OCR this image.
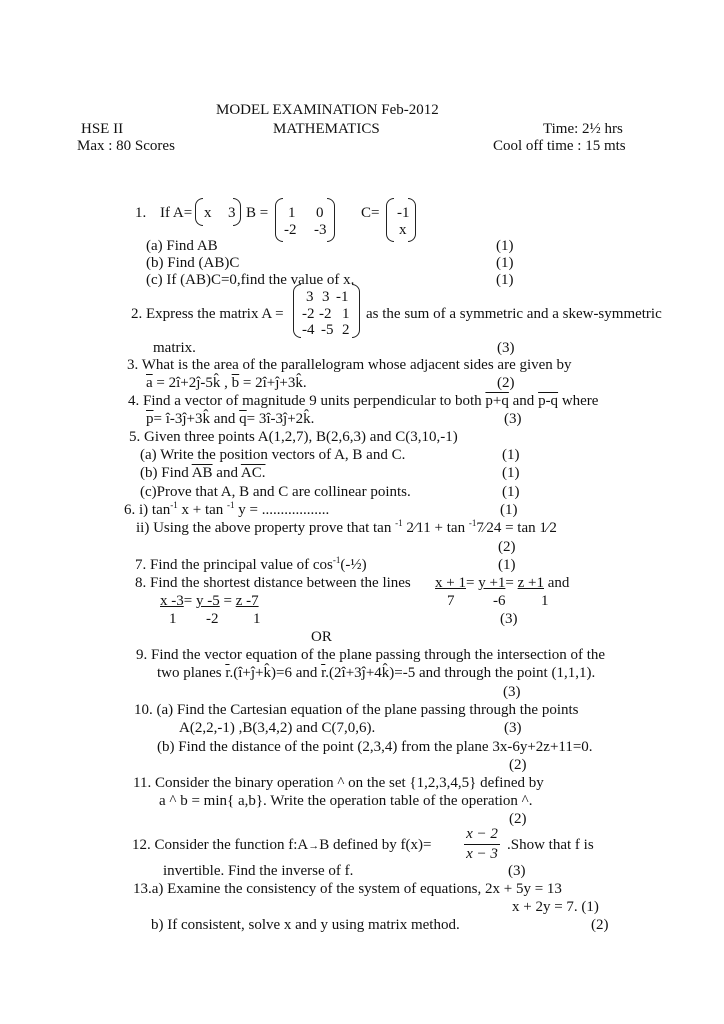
MODEL EXAMINATION Feb-2012
HSE II	MATHEMATICS	Time: 2½ hrs
Max : 80 Scores	Cool off time : 15 mts
1. If A= x 3 B = 1 0
-2 -3
C= -1
x
(a) Find AB	(1)
(b) Find (AB)C	(1)
(c) If (AB)C=0,find the value of x.	(1)
2. Express the matrix A =
3 3 -1
-2 -2 1
-4 -5 2
as the sum of a symmetric and a skew-symmetric
matrix.	(3)
3. What is the area of the parallelogram whose adjacent sides are given by
$\overline{a}$ = 2î+2ĵ-5k̂ , $\overline{b}$ = 2î+ĵ+3k̂.	(2)
4. Find a vector of magnitude 9 units perpendicular to both p+q and p-q where
$\overline{p}=$ î-3ĵ+3k̂ and $\overline{q}=$ 3î-3ĵ+2k̂.	(3)
5. Given three points A(1,2,7), B(2,6,3) and C(3,10,-1)
(a) Write the position vectors of A, B and C.	(1)
(b) Find $\overline{AB}$ and AC.	(1)
(c)Prove that A, B and C are collinear points.	(1)
6. i) $\tan^{-1} x + \tan ^{-1}$ y = ..................	(1)
ii) Using the above property prove that tan $^{-1}$ 2⁄11 + tan $^{-1}$7⁄24 = tan 1⁄2
(2)
7. Find the principal value of $\cos^{-1}(-\frac{1}{2})$	(1)
8. Find the shortest distance between the lines x + 1= y +1= z +1 and
7	-6 1
x -3= y -5 = z -7
1 -2 1	(3)
OR
9. Find the vector equation of the plane passing through the intersection of the
two planes $\overline{r}.(î+ĵ+k̂)=6$ and $\overline{r}.(2î+3ĵ+4k̂)=-5$ and through the point (1,1,1).
(3)
10. (a) Find the Cartesian equation of the plane passing through the points
A(2,2,-1) ,B(3,4,2) and C(7,0,6).	(3)
(b) Find the distance of the point (2,3,4) from the plane 3x-6y+2z+11=0.
(2)
11. Consider the binary operation ^ on the set {1,2,3,4,5} defined by
a ^ b = min{ a,b}. Write the operation table of the operation ^.
(2)
12. Consider the function f:A→B defined by f(x)=
x − 2
x − 3
.Show that f is
invertible. Find the inverse of f.	(3)
13.a) Examine the consistency of the system of equations, 2x + 5y = 13
x + 2y = 7. (1)
b) If consistent, solve x and y using matrix method.	(2)
